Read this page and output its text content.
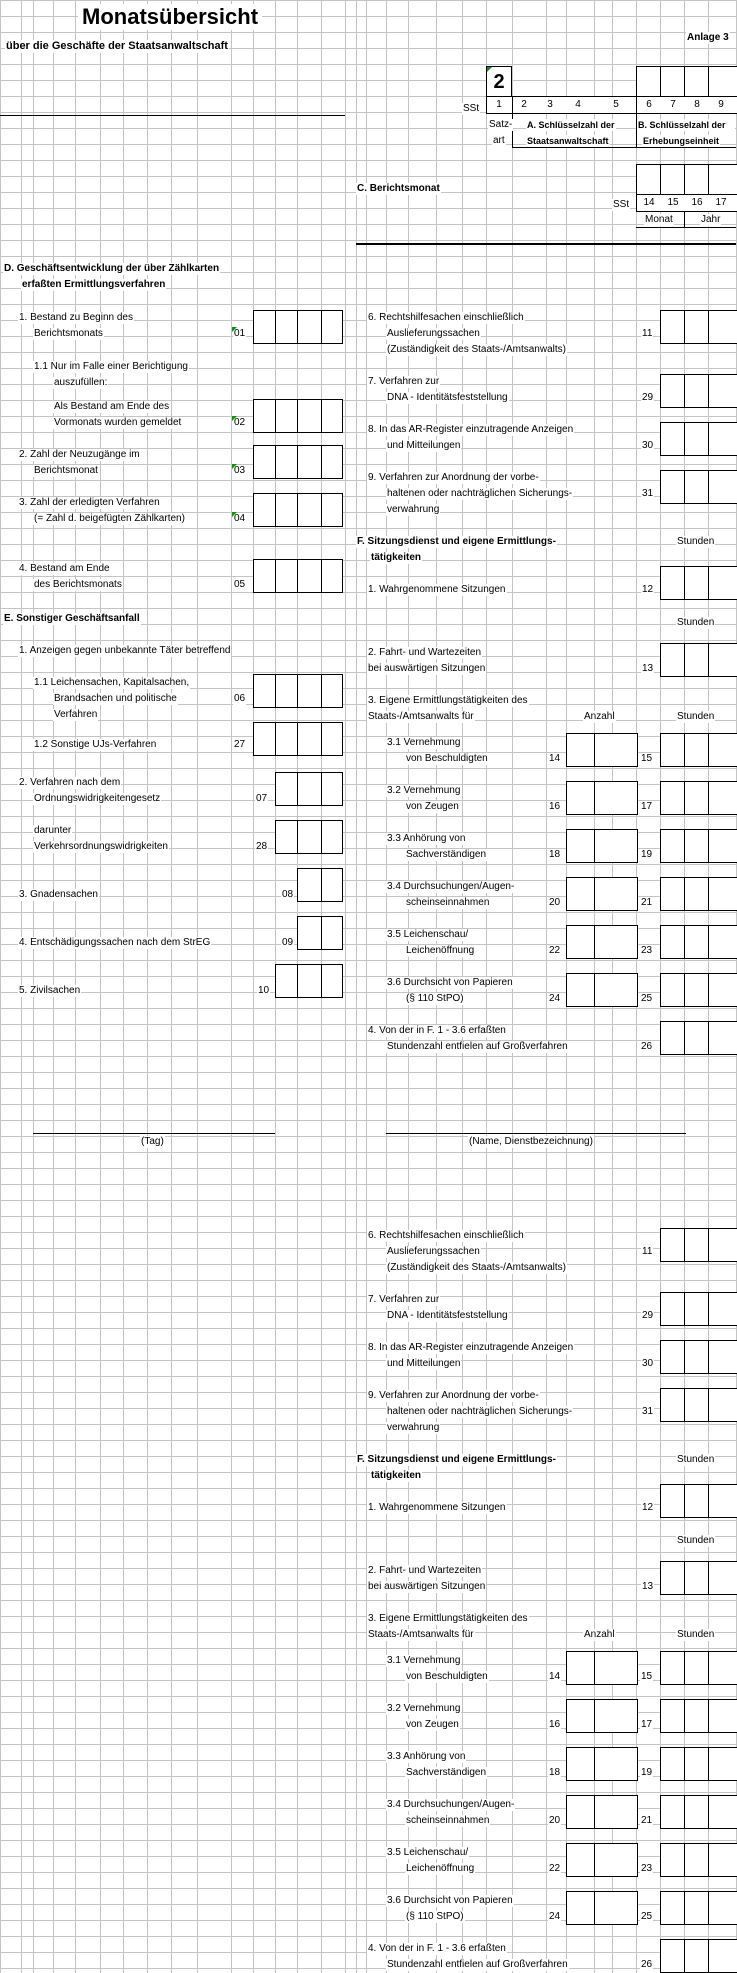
Monatsübersicht
über die Geschäfte der Staatsanwaltschaft
Anlage 3
SSt
2
1	2	3	4	5	6	7	8	9
Satz-
art
A. Schlüsselzahl der
Staatsanwaltschaft
B. Schlüsselzahl der
Erhebungseinheit
C. Berichtsmonat
SSt	14	15	16	17
Monat	Jahr
D. Geschäftsentwicklung der über Zählkarten
erfaßten Ermittlungsverfahren
1. Bestand zu Beginn des
Berichtsmonats	01
1.1 Nur im Falle einer Berichtigung
auszufüllen:
Als Bestand am Ende des
Vormonats wurden gemeldet	02
2. Zahl der Neuzugänge im
Berichtsmonat	03
3. Zahl der erledigten Verfahren
(= Zahl d. beigefügten Zählkarten)	04
4. Bestand am Ende
des Berichtsmonats	05
E. Sonstiger Geschäftsanfall
1. Anzeigen gegen unbekannte Täter betreffend
1.1 Leichensachen, Kapitalsachen,
Brandsachen und politische
Verfahren
06
1.2 Sonstige UJs-Verfahren	27
2. Verfahren nach dem
Ordnungswidrigkeitengesetz	07
darunter
Verkehrsordnungswidrigkeiten	28
3. Gnadensachen	08
4. Entschädigungssachen nach dem StrEG	09
5. Zivilsachen	10
6. Rechtshilfesachen einschließlich
Auslieferungssachen
(Zuständigkeit des Staats-/Amtsanwalts)
11
7. Verfahren zur
DNA - Identitätsfeststellung	29
8. In das AR-Register einzutragende Anzeigen
und Mitteilungen	30
9. Verfahren zur Anordnung der vorbe-
haltenen oder nachträglichen Sicherungs-
verwahrung
31
F. Sitzungsdienst und eigene Ermittlungs-
tätigkeiten
Stunden
1. Wahrgenommene Sitzungen	12
Stunden
2. Fahrt- und Wartezeiten
bei auswärtigen Sitzungen	13
3. Eigene Ermittlungstätigkeiten des
Staats-/Amtsanwalts für	Anzahl	Stunden
3.1 Vernehmung
von Beschuldigten	14	15
3.2 Vernehmung
von Zeugen	16	17
3.3 Anhörung von
Sachverständigen	18	19
3.4 Durchsuchungen/Augen-
scheinseinnahmen	20	21
3.5 Leichenschau/
Leichenöffnung	22	23
3.6 Durchsicht von Papieren
(§ 110 StPO)	24	25
4. Von der in F. 1 - 3.6 erfaßten
Stundenzahl entfielen auf Großverfahren	26
(Tag)	(Name, Dienstbezeichnung)
6. Rechtshilfesachen einschließlich
Auslieferungssachen
(Zuständigkeit des Staats-/Amtsanwalts)
11
7. Verfahren zur
DNA - Identitätsfeststellung	29
8. In das AR-Register einzutragende Anzeigen
und Mitteilungen	30
9. Verfahren zur Anordnung der vorbe-
haltenen oder nachträglichen Sicherungs-
verwahrung
31
F. Sitzungsdienst und eigene Ermittlungs-
tätigkeiten
Stunden
1. Wahrgenommene Sitzungen	12
Stunden
2. Fahrt- und Wartezeiten
bei auswärtigen Sitzungen	13
3. Eigene Ermittlungstätigkeiten des
Staats-/Amtsanwalts für	Anzahl	Stunden
3.1 Vernehmung
von Beschuldigten	14	15
3.2 Vernehmung
von Zeugen	16	17
3.3 Anhörung von
Sachverständigen	18	19
3.4 Durchsuchungen/Augen-
scheinseinnahmen	20	21
3.5 Leichenschau/
Leichenöffnung	22	23
3.6 Durchsicht von Papieren
(§ 110 StPO)	24	25
4. Von der in F. 1 - 3.6 erfaßten
Stundenzahl entfielen auf Großverfahren	26
